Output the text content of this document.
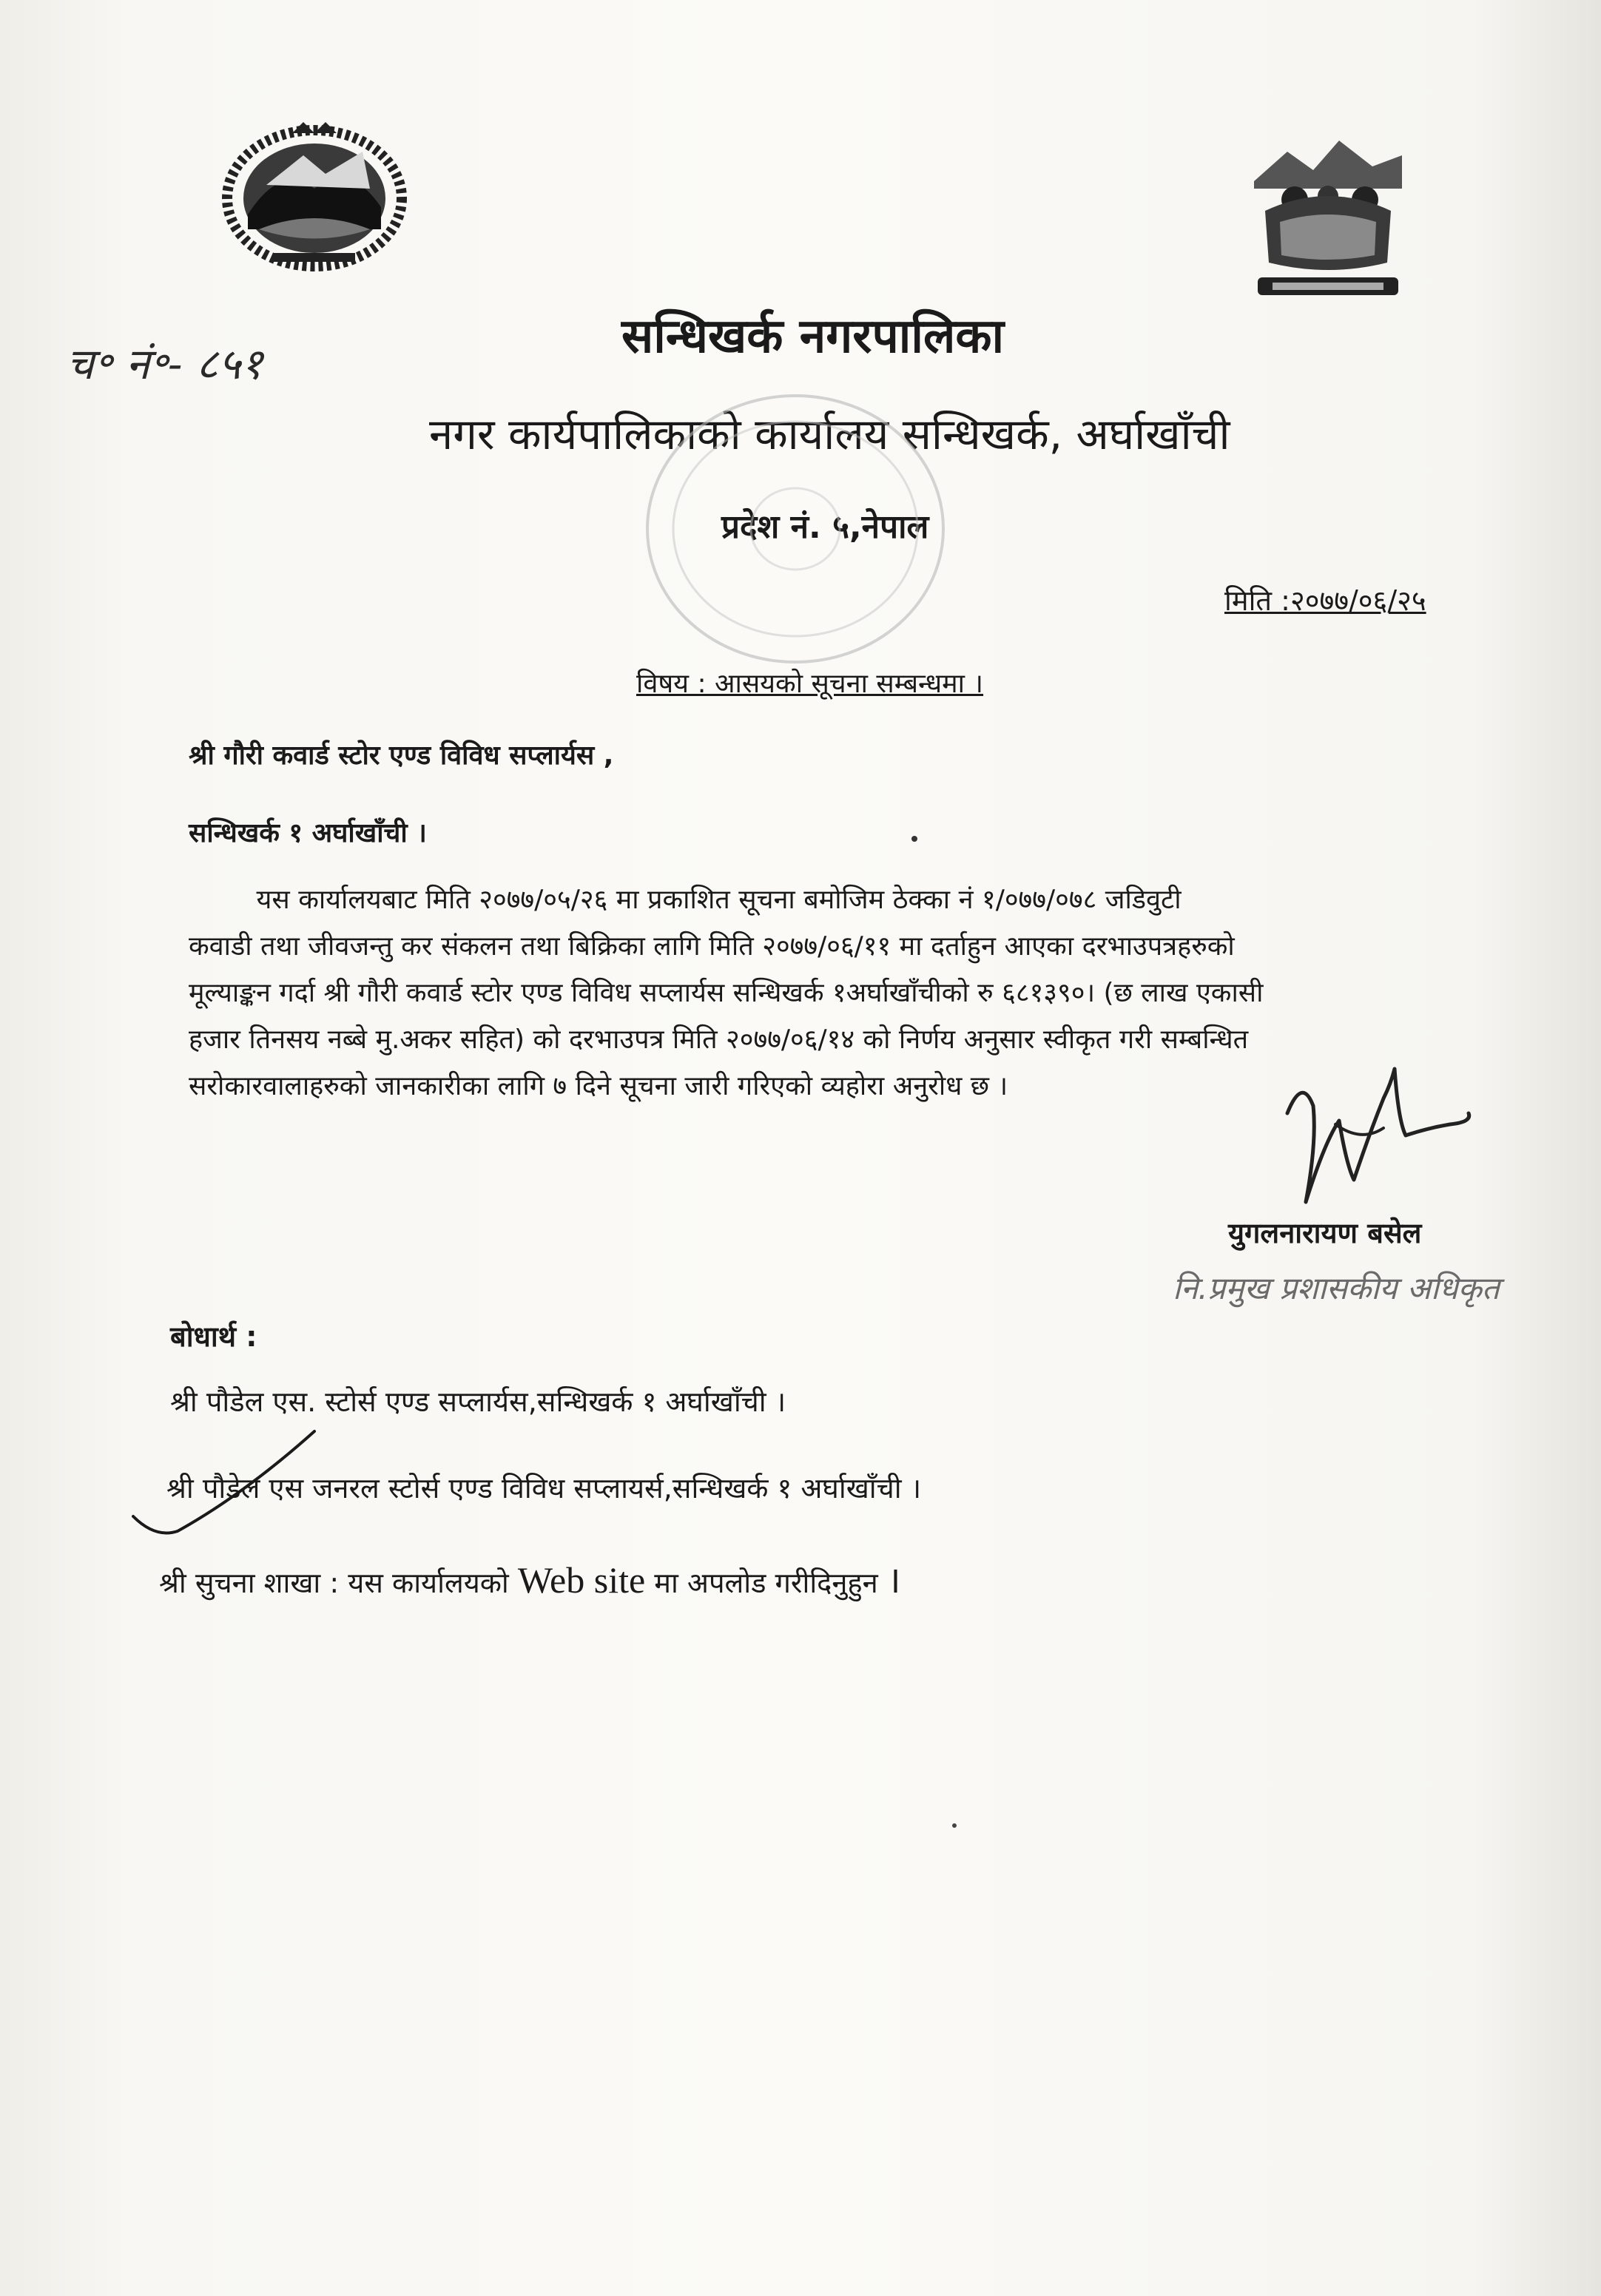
च॰ नं॰- ८५१	सन्धिखर्क नगरपालिका
नगर कार्यपालिकाको कार्यालय सन्धिखर्क, अर्घाखाँची
प्रदेश नं. ५,नेपाल
मिति :२०७७/०६/२५
विषय : आसयको सूचना सम्बन्धमा ।
श्री गौरी कवार्ड स्टोर एण्ड विविध सप्लार्यस ,
सन्धिखर्क १ अर्घाखाँची ।
यस कार्यालयबाट मिति २०७७/०५/२६ मा प्रकाशित सूचना बमोजिम ठेक्का नं १/०७७/०७८ जडिवुटी
कवाडी तथा जीवजन्तु कर संकलन तथा बिक्रिका लागि मिति २०७७/०६/११ मा दर्ताहुन आएका दरभाउपत्रहरुको
मूल्याङ्कन गर्दा श्री गौरी कवार्ड स्टोर एण्ड विविध सप्लार्यस सन्धिखर्क १अर्घाखाँचीको रु ६८१३९०। (छ लाख एकासी
हजार तिनसय नब्बे मु.अकर सहित) को दरभाउपत्र मिति २०७७/०६/१४ को निर्णय अनुसार स्वीकृत गरी सम्बन्धित
सरोकारवालाहरुको जानकारीका लागि ७ दिने सूचना जारी गरिएको व्यहोरा अनुरोध छ ।
युगलनारायण बसेल
नि.प्रमुख प्रशासकीय अधिकृत
बोधार्थ :
श्री पौडेल एस. स्टोर्स एण्ड सप्लार्यस,सन्धिखर्क १ अर्घाखाँची ।
श्री पौडेल एस जनरल स्टोर्स एण्ड विविध सप्लायर्स,सन्धिखर्क १ अर्घाखाँची ।
श्री सुचना शाखा : यस कार्यालयको Web site मा अपलोड गरीदिनुहुन ।
